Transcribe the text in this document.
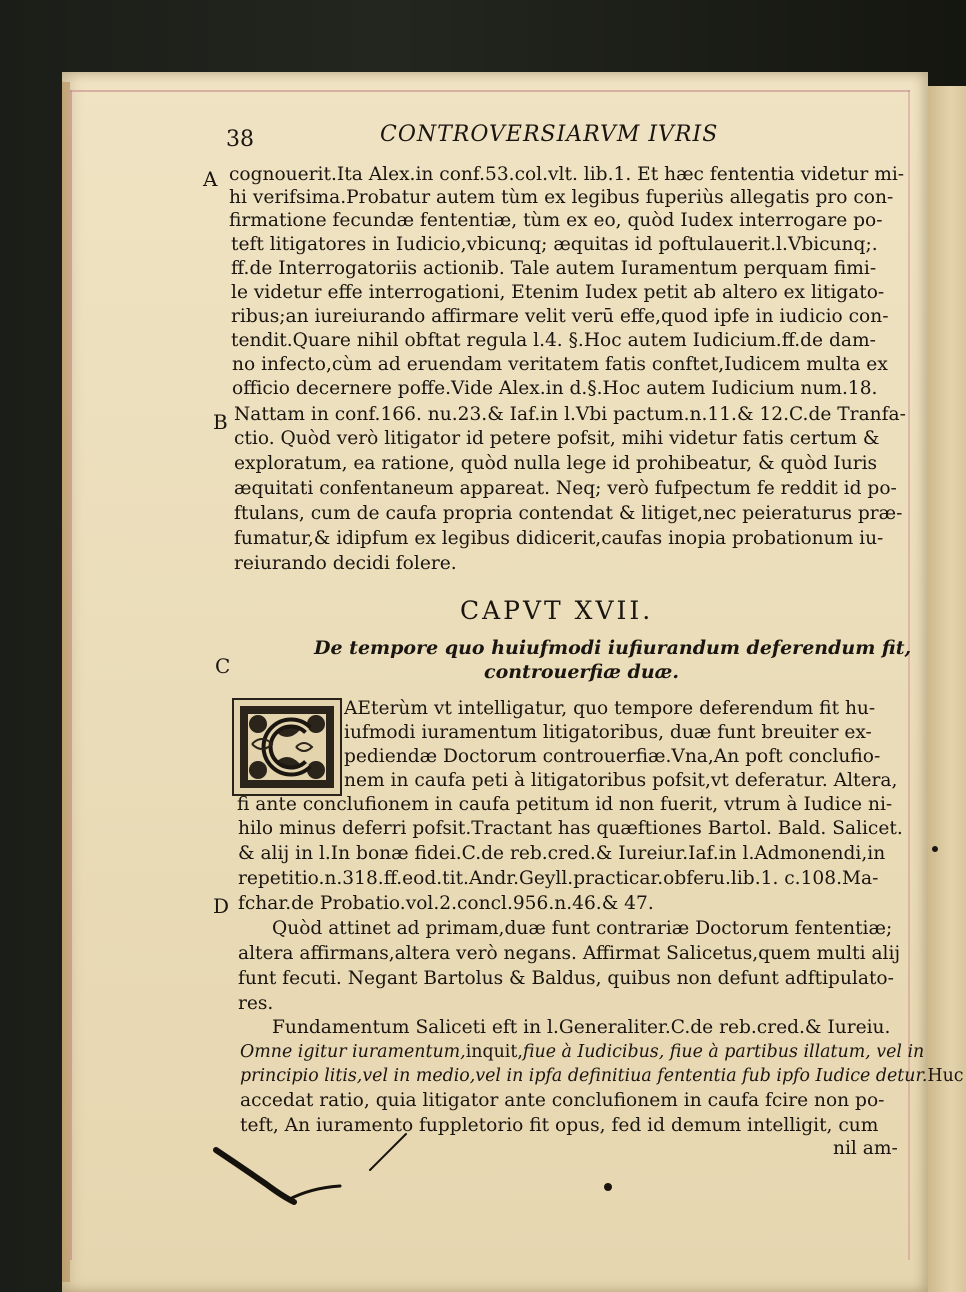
38	CONTROVERSIARVM IVRIS
A
B
C
D
cognouerit.Ita Alex.in conf.53.col.vlt. lib.1. Et hæc fententia videtur mi-
hi verifsima.Probatur autem tùm ex legibus fuperiùs allegatis pro con-
firmatione fecundæ fententiæ, tùm ex eo, quòd Iudex interrogare po-
teft litigatores in Iudicio,vbicunq; æquitas id poftulauerit.l.Vbicunq;.
ff.de Interrogatoriis actionib. Tale autem Iuramentum perquam fimi-
le videtur effe interrogationi, Etenim Iudex petit ab altero ex litigato-
ribus;an iureiurando affirmare velit verū effe,quod ipfe in iudicio con-
tendit.Quare nihil obftat regula l.4. §.Hoc autem Iudicium.ff.de dam-
no infecto,cùm ad eruendam veritatem fatis conftet,Iudicem multa ex
officio decernere poffe.Vide Alex.in d.§.Hoc autem Iudicium num.18.
Nattam in conf.166. nu.23.& Iaf.in l.Vbi pactum.n.11.& 12.C.de Tranfa-
ctio. Quòd verò litigator id petere pofsit, mihi videtur fatis certum &
exploratum, ea ratione, quòd nulla lege id prohibeatur, & quòd Iuris
æquitati confentaneum appareat. Neq; verò fufpectum fe reddit id po-
ftulans, cum de caufa propria contendat & litiget,nec peieraturus præ-
fumatur,& idipfum ex legibus didicerit,caufas inopia probationum iu-
reiurando decidi folere.
CAPVT XVII.
De tempore quo huiufmodi iufiurandum deferendum fit,
controuerfiæ duæ.
AEterùm vt intelligatur, quo tempore deferendum fit hu-
iufmodi iuramentum litigatoribus, duæ funt breuiter ex-
pediendæ Doctorum controuerfiæ.Vna,An poft conclufio-
nem in caufa peti à litigatoribus pofsit,vt deferatur. Altera,
fi ante conclufionem in caufa petitum id non fuerit, vtrum à Iudice ni-
hilo minus deferri pofsit.Tractant has quæftiones Bartol. Bald. Salicet.
& alij in l.In bonæ fidei.C.de reb.cred.& Iureiur.Iaf.in l.Admonendi,in
repetitio.n.318.ff.eod.tit.Andr.Geyll.practicar.obferu.lib.1. c.108.Ma-
fchar.de Probatio.vol.2.concl.956.n.46.& 47.
Quòd attinet ad primam,duæ funt contrariæ Doctorum fententiæ;
altera affirmans,altera verò negans. Affirmat Salicetus,quem multi alij
funt fecuti. Negant Bartolus & Baldus, quibus non defunt adftipulato-
res.
Fundamentum Saliceti eft in l.Generaliter.C.de reb.cred.& Iureiu.
Omne igitur iuramentum,inquit,fiue à Iudicibus, fiue à partibus illatum, vel in
principio litis,vel in medio,vel in ipfa definitiua fententia fub ipfo Iudice detur.Huc
accedat ratio, quia litigator ante conclufionem in caufa fcire non po-
teft, An iuramento fuppletorio fit opus, fed id demum intelligit, cum
nil am-
